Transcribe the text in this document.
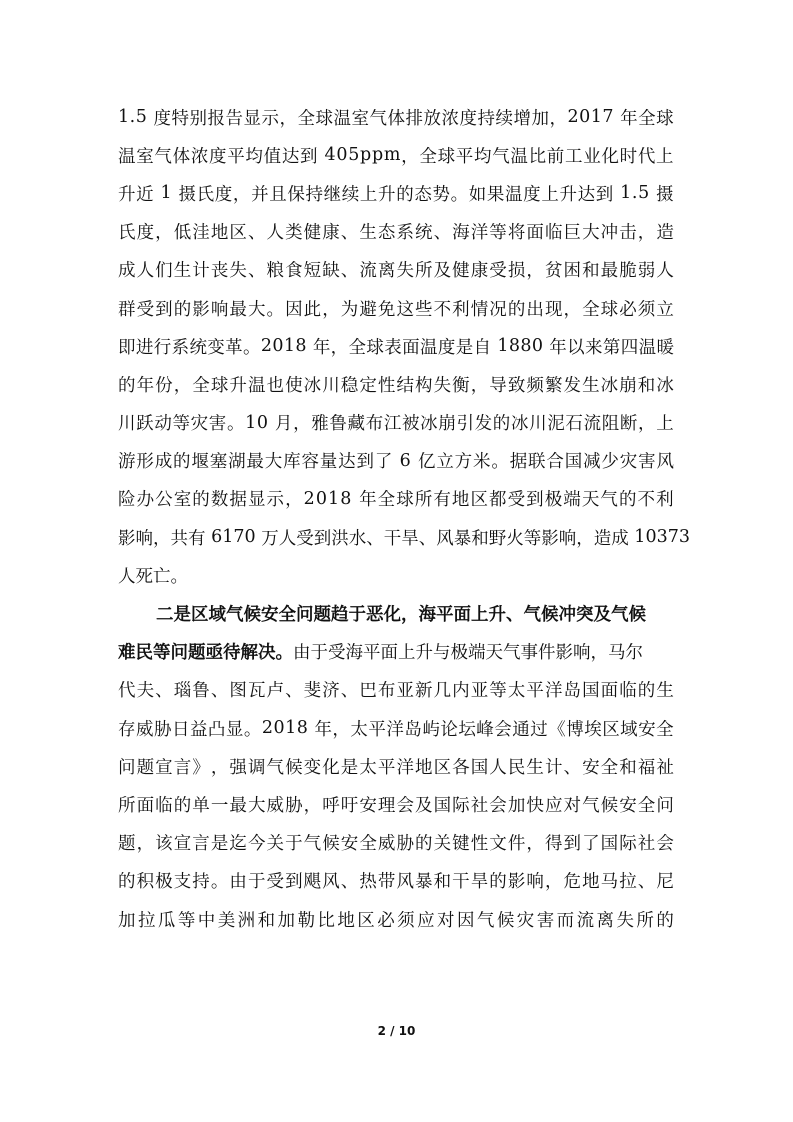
1 . 5
度 特 别 报 告 显 示 ， 全 球 温 室 气 体 排 放 浓 度 持 续 增 加 ， 2 0 1 7
年 全 球
温 室 气 体 浓 度 平 均 值 达 到
4 0 5 p p m ， 全 球 平 均 气 温 比 前 工 业 化 时 代 上
升 近
1
摄 氏 度 ， 并 且 保 持 继 续 上 升 的 态 势 。 如 果 温 度 上 升 达 到
1 . 5
摄
氏 度 ， 低 洼 地 区 、 人 类 健 康 、 生 态 系 统 、 海 洋 等 将 面 临 巨 大 冲 击 ， 造
成 人 们 生 计 丧 失 、 粮 食 短 缺 、 流 离 失 所 及 健 康 受 损 ， 贫 困 和 最 脆 弱 人
群 受 到 的 影 响 最 大 。 因 此 ， 为 避 免 这 些 不 利 情 况 的 出 现 ， 全 球 必 须 立
即 进 行 系 统 变 革 。 2 0 1 8
年 ， 全 球 表 面 温 度 是 自
1 8 8 0
年 以 来 第 四 温 暖
的 年 份 ， 全 球 升 温 也 使 冰 川 稳 定 性 结 构 失 衡 ， 导 致 频 繁 发 生 冰 崩 和 冰
川 跃 动 等 灾 害 。 1 0
月 ， 雅 鲁 藏 布 江 被 冰 崩 引 发 的 冰 川 泥 石 流 阻 断 ， 上
游 形 成 的 堰 塞 湖 最 大 库 容 量 达 到 了
6
亿 立 方 米 。 据 联 合 国 减 少 灾 害 风
险 办 公 室 的 数 据 显 示 ， 2 0 1 8
年 全 球 所 有 地 区 都 受 到 极 端 天 气 的 不 利
影 响 ， 共 有
6 1 7 0
万 人 受 到 洪 水 、 干 旱 、 风 暴 和 野 火 等 影 响 ， 造 成
1 0 3 7 3
人死亡。
二是区域气候安全问题趋于恶化，海平面上升、气候冲突及气候
难民等问题亟待解决。 由于受海平面上升与极端天气事件影响，马尔
代 夫 、 瑙 鲁 、 图 瓦 卢 、 斐 济 、 巴 布 亚 新 几 内 亚 等 太 平 洋 岛 国 面 临 的 生
存 威 胁 日 益 凸 显 。 2 0 1 8
年 ， 太 平 洋 岛 屿 论 坛 峰 会 通 过 《 博 埃 区 域 安 全
问 题 宣 言 》 ， 强 调 气 候 变 化 是 太 平 洋 地 区 各 国 人 民 生 计 、 安 全 和 福 祉
所 面 临 的 单 一 最 大 威 胁 ， 呼 吁 安 理 会 及 国 际 社 会 加 快 应 对 气 候 安 全 问
题 ， 该 宣 言 是 迄 今 关 于 气 候 安 全 威 胁 的 关 键 性 文 件 ， 得 到 了 国 际 社 会
的 积 极 支 持 。 由 于 受 到 飓 风 、 热 带 风 暴 和 干 旱 的 影 响 ， 危 地 马 拉 、 尼
加 拉 瓜 等 中 美 洲 和 加 勒 比 地 区 必 须 应 对 因 气 候 灾 害 而 流 离 失 所 的
2 / 10
